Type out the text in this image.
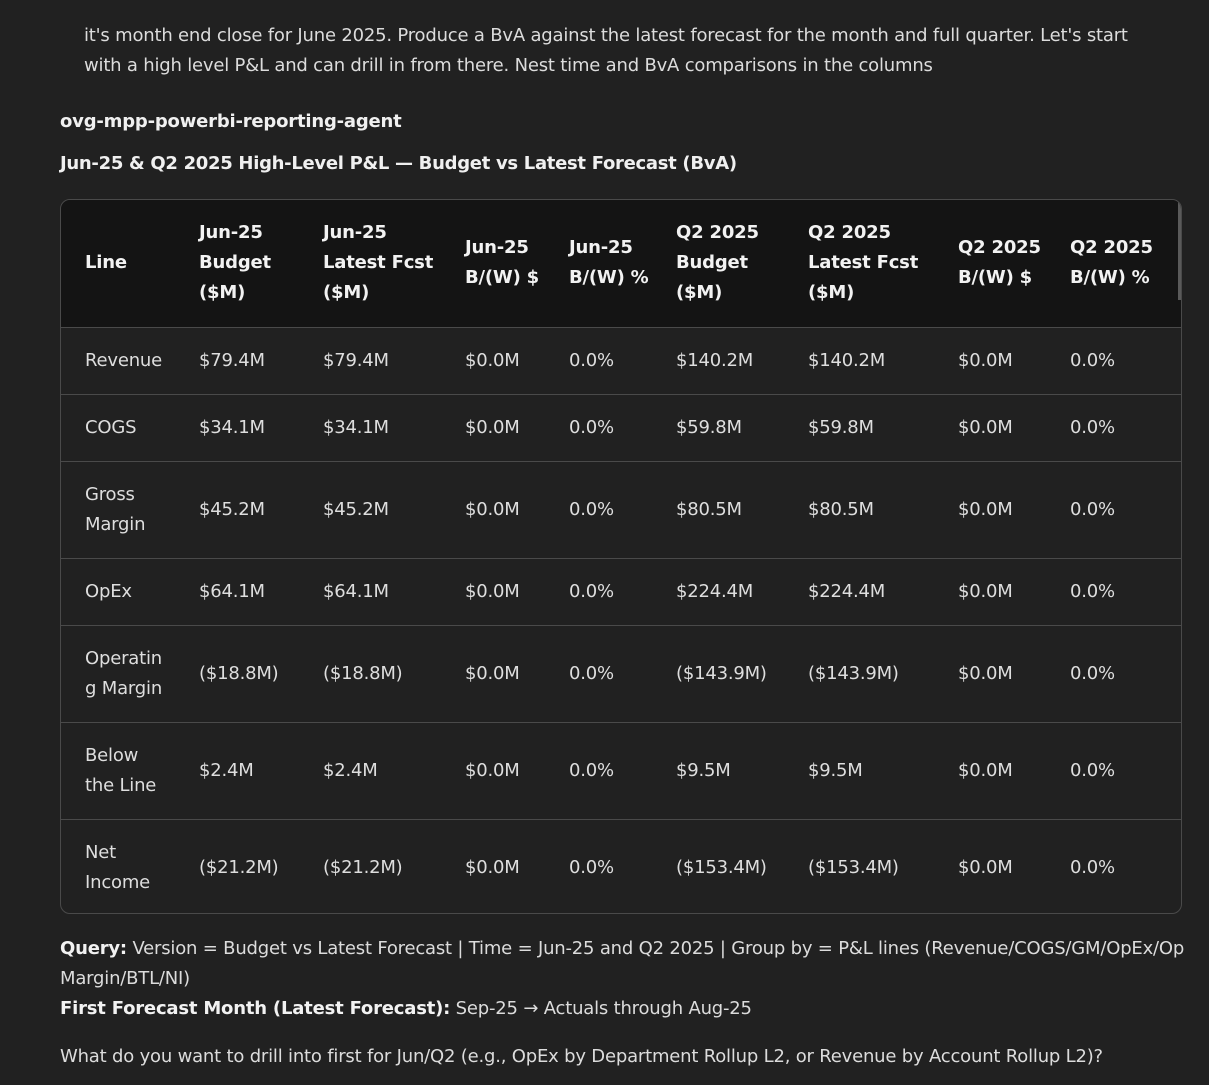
it's month end close for June 2025. Produce a BvA against the latest forecast for the month and full quarter. Let's start with a high level P&L and can drill in from there. Nest time and BvA comparisons in the columns
ovg-mpp-powerbi-reporting-agent
Jun-25 & Q2 2025 High-Level P&L — Budget vs Latest Forecast (BvA)
Line	Jun-25
Budget
($M)	Jun-25
Latest Fcst
($M)	Jun-25
B/(W) $	Jun-25
B/(W) %	Q2 2025
Budget
($M)	Q2 2025
Latest Fcst
($M)	Q2 2025
B/(W) $	Q2 2025
B/(W) %
Revenue	$79.4M	$79.4M	$0.0M	0.0%	$140.2M	$140.2M	$0.0M	0.0%
COGS	$34.1M	$34.1M	$0.0M	0.0%	$59.8M	$59.8M	$0.0M	0.0%
Gross
Margin	$45.2M	$45.2M	$0.0M	0.0%	$80.5M	$80.5M	$0.0M	0.0%
OpEx	$64.1M	$64.1M	$0.0M	0.0%	$224.4M	$224.4M	$0.0M	0.0%
Operatin
g Margin	($18.8M)	($18.8M)	$0.0M	0.0%	($143.9M)	($143.9M)	$0.0M	0.0%
Below
the Line	$2.4M	$2.4M	$0.0M	0.0%	$9.5M	$9.5M	$0.0M	0.0%
Net
Income	($21.2M)	($21.2M)	$0.0M	0.0%	($153.4M)	($153.4M)	$0.0M	0.0%
Query: Version = Budget vs Latest Forecast | Time = Jun-25 and Q2 2025 | Group by = P&L lines (Revenue/COGS/GM/OpEx/Op Margin/BTL/NI)
First Forecast Month (Latest Forecast): Sep-25 → Actuals through Aug-25
What do you want to drill into first for Jun/Q2 (e.g., OpEx by Department Rollup L2, or Revenue by Account Rollup L2)?
